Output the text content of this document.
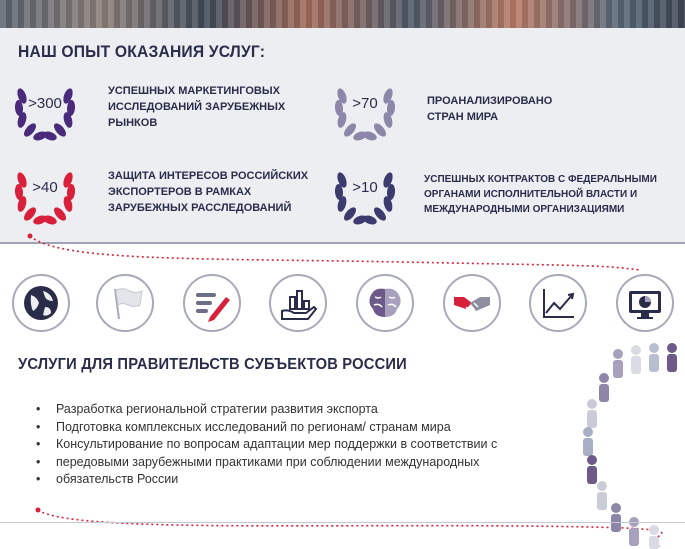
НАШ ОПЫТ ОКАЗАНИЯ УСЛУГ:
>300
УСПЕШНЫХ МАРКЕТИНГОВЫХ
ИССЛЕДОВАНИЙ ЗАРУБЕЖНЫХ
РЫНКОВ
>70	ПРОАНАЛИЗИРОВАНО
СТРАН МИРА
>40
ЗАЩИТА ИНТЕРЕСОВ РОССИЙСКИХ
ЭКСПОРТЕРОВ В РАМКАХ
ЗАРУБЕЖНЫХ РАССЛЕДОВАНИЙ
>10	УСПЕШНЫХ КОНТРАКТОВ С ФЕДЕРАЛЬНЫМИ
ОРГАНАМИ ИСПОЛНИТЕЛЬНОЙ ВЛАСТИ И
МЕЖДУНАРОДНЫМИ ОРГАНИЗАЦИЯМИ
УСЛУГИ ДЛЯ ПРАВИТЕЛЬСТВ СУБЪЕКТОВ РОССИИ
• Разработка региональной стратегии развития экспорта
• Подготовка комплексных исследований по регионам/ странам мира
• Консультирование по вопросам адаптации мер поддержки в соответствии с
• передовыми зарубежными практиками при соблюдении международных
• обязательств России
